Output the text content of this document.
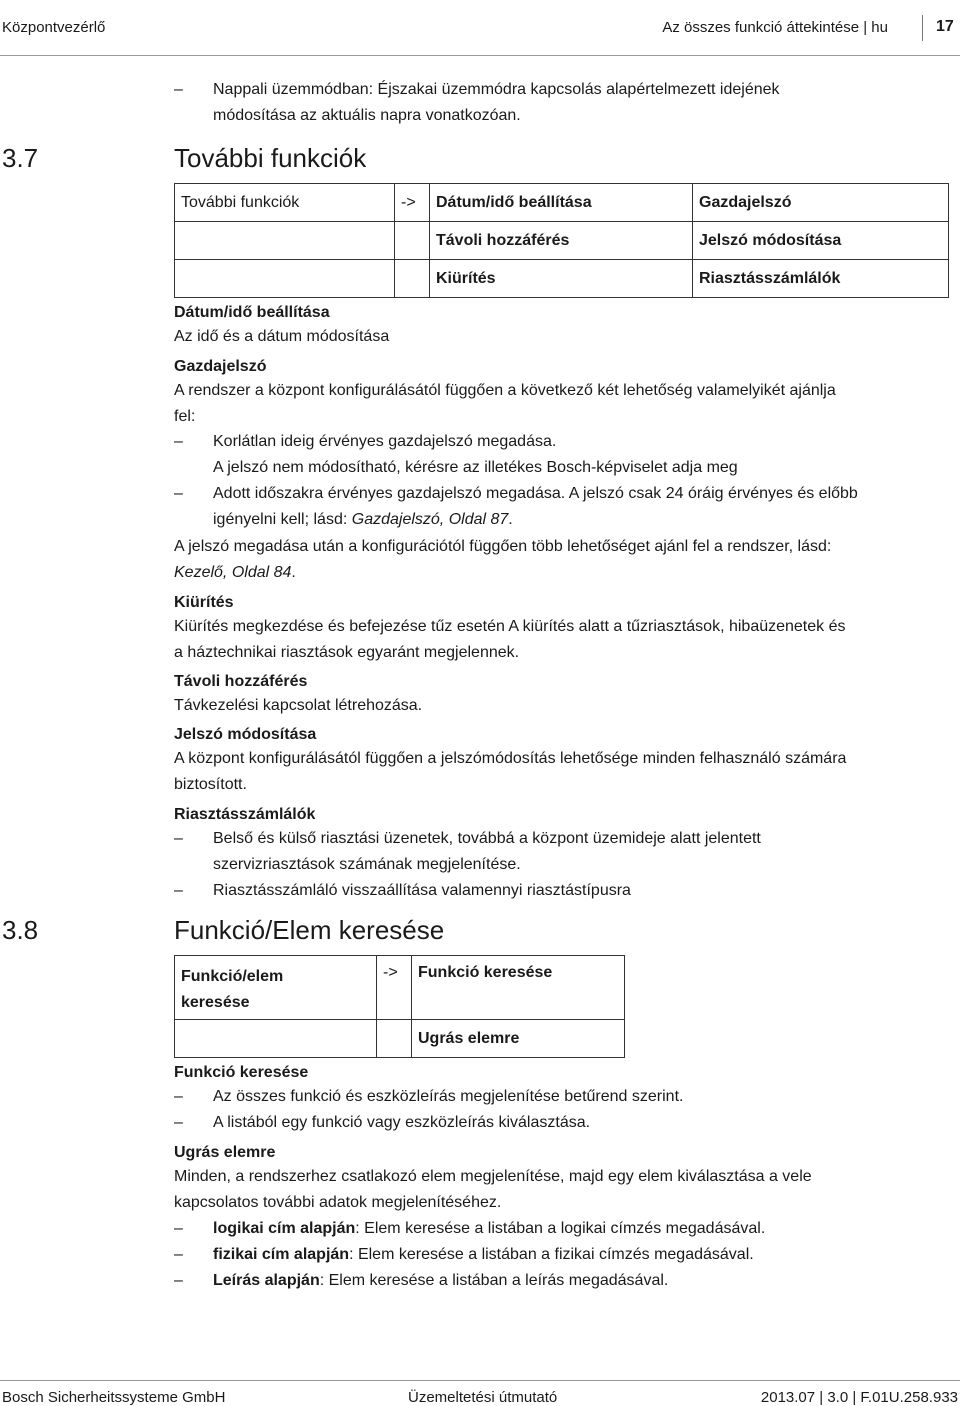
Központvezérlő	Az összes funkció áttekintése | hu	17
– Nappali üzemmódban: Éjszakai üzemmódra kapcsolás alapértelmezett idejének
módosítása az aktuális napra vonatkozóan.
3.7	További funkciók
További funkciók	->	Dátum/idő beállítása	Gazdajelszó
		Távoli hozzáférés	Jelszó módosítása
		Kiürítés	Riasztásszámlálók
Dátum/idő beállítása
Az idő és a dátum módosítása
Gazdajelszó
A rendszer a központ konfigurálásától függően a következő két lehetőség valamelyikét ajánlja
fel:
– Korlátlan ideig érvényes gazdajelszó megadása.
A jelszó nem módosítható, kérésre az illetékes Bosch-képviselet adja meg
– Adott időszakra érvényes gazdajelszó megadása. A jelszó csak 24 óráig érvényes és előbb
igényelni kell; lásd: Gazdajelszó, Oldal 87.
A jelszó megadása után a konfigurációtól függően több lehetőséget ajánl fel a rendszer, lásd:
Kezelő, Oldal 84.
Kiürítés
Kiürítés megkezdése és befejezése tűz esetén A kiürítés alatt a tűzriasztások, hibaüzenetek és
a háztechnikai riasztások egyaránt megjelennek.
Távoli hozzáférés
Távkezelési kapcsolat létrehozása.
Jelszó módosítása
A központ konfigurálásától függően a jelszómódosítás lehetősége minden felhasználó számára
biztosított.
Riasztásszámlálók
– Belső és külső riasztási üzenetek, továbbá a központ üzemideje alatt jelentett
szervizriasztások számának megjelenítése.
– Riasztásszámláló visszaállítása valamennyi riasztástípusra
3.8	Funkció/Elem keresése
Funkció/elem
keresése	->	Funkció keresése
		Ugrás elemre
Funkció keresése
– Az összes funkció és eszközleírás megjelenítése betűrend szerint.
– A listából egy funkció vagy eszközleírás kiválasztása.
Ugrás elemre
Minden, a rendszerhez csatlakozó elem megjelenítése, majd egy elem kiválasztása a vele
kapcsolatos további adatok megjelenítéséhez.
– logikai cím alapján: Elem keresése a listában a logikai címzés megadásával.
– fizikai cím alapján: Elem keresése a listában a fizikai címzés megadásával.
– Leírás alapján: Elem keresése a listában a leírás megadásával.
Bosch Sicherheitssysteme GmbH	Üzemeltetési útmutató	2013.07 | 3.0 | F.01U.258.933
